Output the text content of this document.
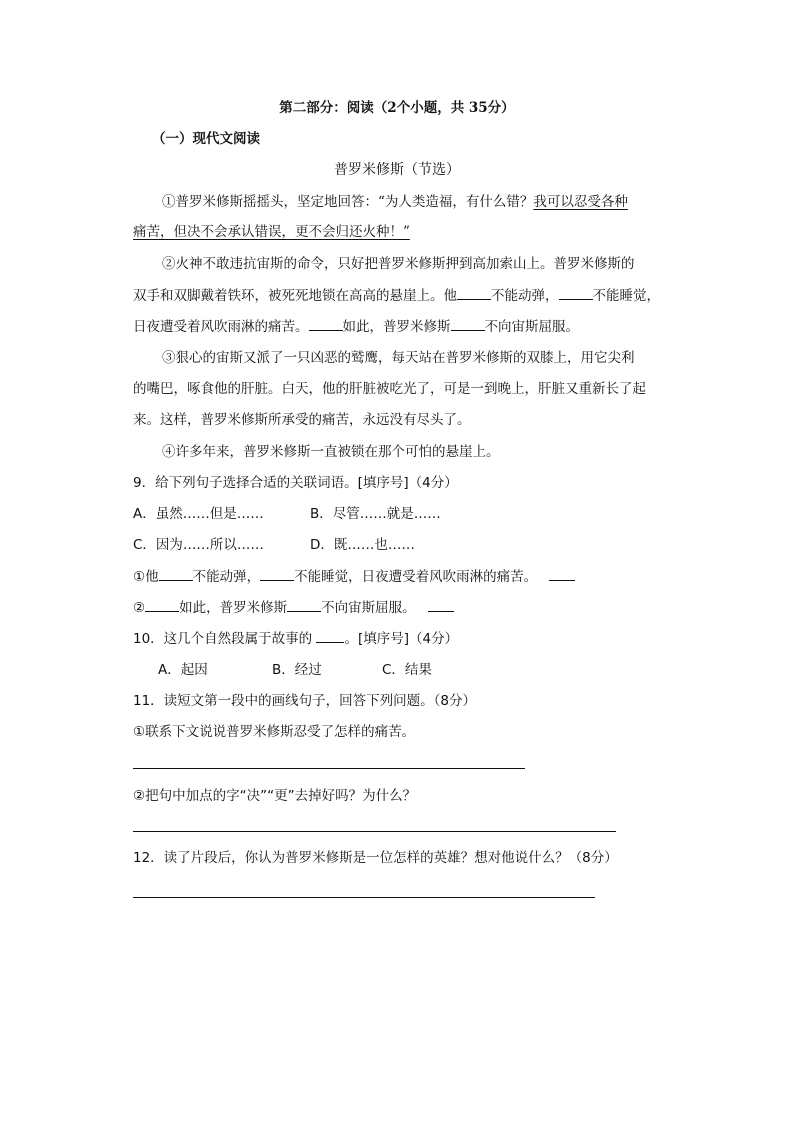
第二部分：阅读（2个小题，共 35分）
（一）现代文阅读
普罗米修斯（节选）
①普罗米修斯摇摇头，坚定地回答：“为人类造福，有什么错？我可以忍受各种
痛苦，但决不会承认错误，更不会归还火种！”
②火神不敢违抗宙斯的命令，只好把普罗米修斯押到高加索山上。普罗米修斯的
双手和双脚戴着铁环，被死死地锁在高高的悬崖上。他	不能动弹，	不能睡觉，
日夜遭受着风吹雨淋的痛苦。	如此，普罗米修斯	不向宙斯屈服。
③狠心的宙斯又派了一只凶恶的鹫鹰，每天站在普罗米修斯的双膝上，用它尖利
的嘴巴，啄食他的肝脏。白天，他的肝脏被吃光了，可是一到晚上，肝脏又重新长了起
来。这样，普罗米修斯所承受的痛苦，永远没有尽头了。
④许多年来，普罗米修斯一直被锁在那个可怕的悬崖上。
9．给下列句子选择合适的关联词语。[填序号]（4分）
A．虽然……但是……	B．尽管……就是……
C．因为……所以……	D．既……也……
①他	不能动弹，	不能睡觉，日夜遭受着风吹雨淋的痛苦。
②	如此，普罗米修斯	不向宙斯屈服。
10．这几个自然段属于故事的 。[填序号]（4分）
A．起因	B．经过	C．结果
11．读短文第一段中的画线句子，回答下列问题。（8分）
①联系下文说说普罗米修斯忍受了怎样的痛苦。
②把句中加点的字“决”“更”去掉好吗？为什么？
12．读了片段后，你认为普罗米修斯是一位怎样的英雄？想对他说什么？（8分）
